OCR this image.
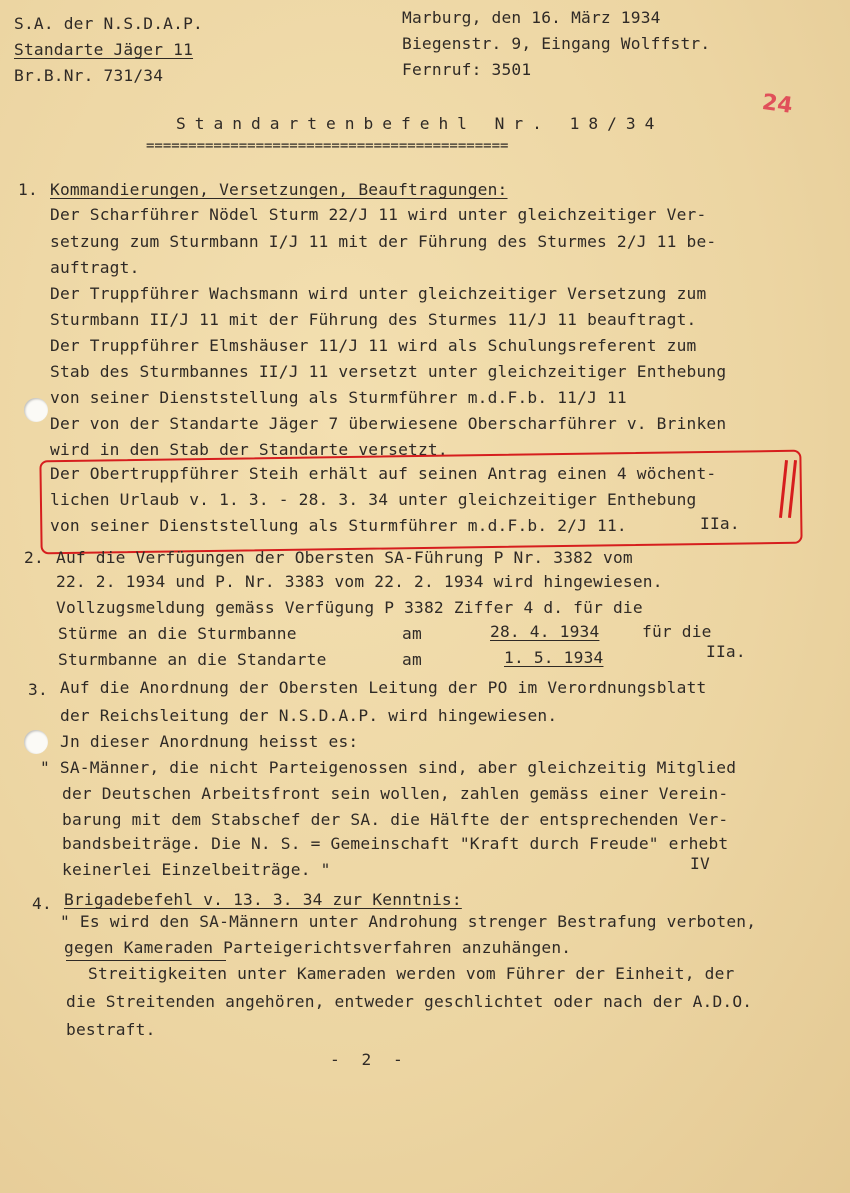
S.A. der N.S.D.A.P.
Standarte Jäger 11
Br.B.Nr. 731/34
Marburg, den 16. März 1934
Biegenstr. 9, Eingang Wolffstr.
Fernruf: 3501
24
Standartenbefehl Nr. 18/34
===========================================
1. Kommandierungen, Versetzungen, Beauftragungen:
Der Scharführer Nödel Sturm 22/J 11 wird unter gleichzeitiger Ver-
setzung zum Sturmbann I/J 11 mit der Führung des Sturmes 2/J 11 be-
auftragt.
Der Truppführer Wachsmann wird unter gleichzeitiger Versetzung zum
Sturmbann II/J 11 mit der Führung des Sturmes 11/J 11 beauftragt.
Der Truppführer Elmshäuser 11/J 11 wird als Schulungsreferent zum
Stab des Sturmbannes II/J 11 versetzt unter gleichzeitiger Enthebung
von seiner Dienststellung als Sturmführer m.d.F.b. 11/J 11
Der von der Standarte Jäger 7 überwiesene Oberscharführer v. Brinken
wird in den Stab der Standarte versetzt.
Der Obertruppführer Steih erhält auf seinen Antrag einen 4 wöchent-
lichen Urlaub v. 1. 3. - 28. 3. 34 unter gleichzeitiger Enthebung
von seiner Dienststellung als Sturmführer m.d.F.b. 2/J 11.	IIa.
2. Auf die Verfügungen der Obersten SA-Führung P Nr. 3382 vom
22. 2. 1934 und P. Nr. 3383 vom 22. 2. 1934 wird hingewiesen.
Vollzugsmeldung gemäss Verfügung P 3382 Ziffer 4 d. für die
Stürme an die Sturmbanne	am	28. 4. 1934	für die
Sturmbanne an die Standarte	am	1. 5. 1934	IIa.
3. Auf die Anordnung der Obersten Leitung der PO im Verordnungsblatt
der Reichsleitung der N.S.D.A.P. wird hingewiesen.
Jn dieser Anordnung heisst es:
" SA-Männer, die nicht Parteigenossen sind, aber gleichzeitig Mitglied
der Deutschen Arbeitsfront sein wollen, zahlen gemäss einer Verein-
barung mit dem Stabschef der SA. die Hälfte der entsprechenden Ver-
bandsbeiträge. Die N. S. = Gemeinschaft "Kraft durch Freude" erhebt
keinerlei Einzelbeiträge. "	IV
4. Brigadebefehl v. 13. 3. 34 zur Kenntnis:
" Es wird den SA-Männern unter Androhung strenger Bestrafung verboten,
gegen Kameraden Parteigerichtsverfahren anzuhängen.
Streitigkeiten unter Kameraden werden vom Führer der Einheit, der
die Streitenden angehören, entweder geschlichtet oder nach der A.D.O.
bestraft.
- 2 -
